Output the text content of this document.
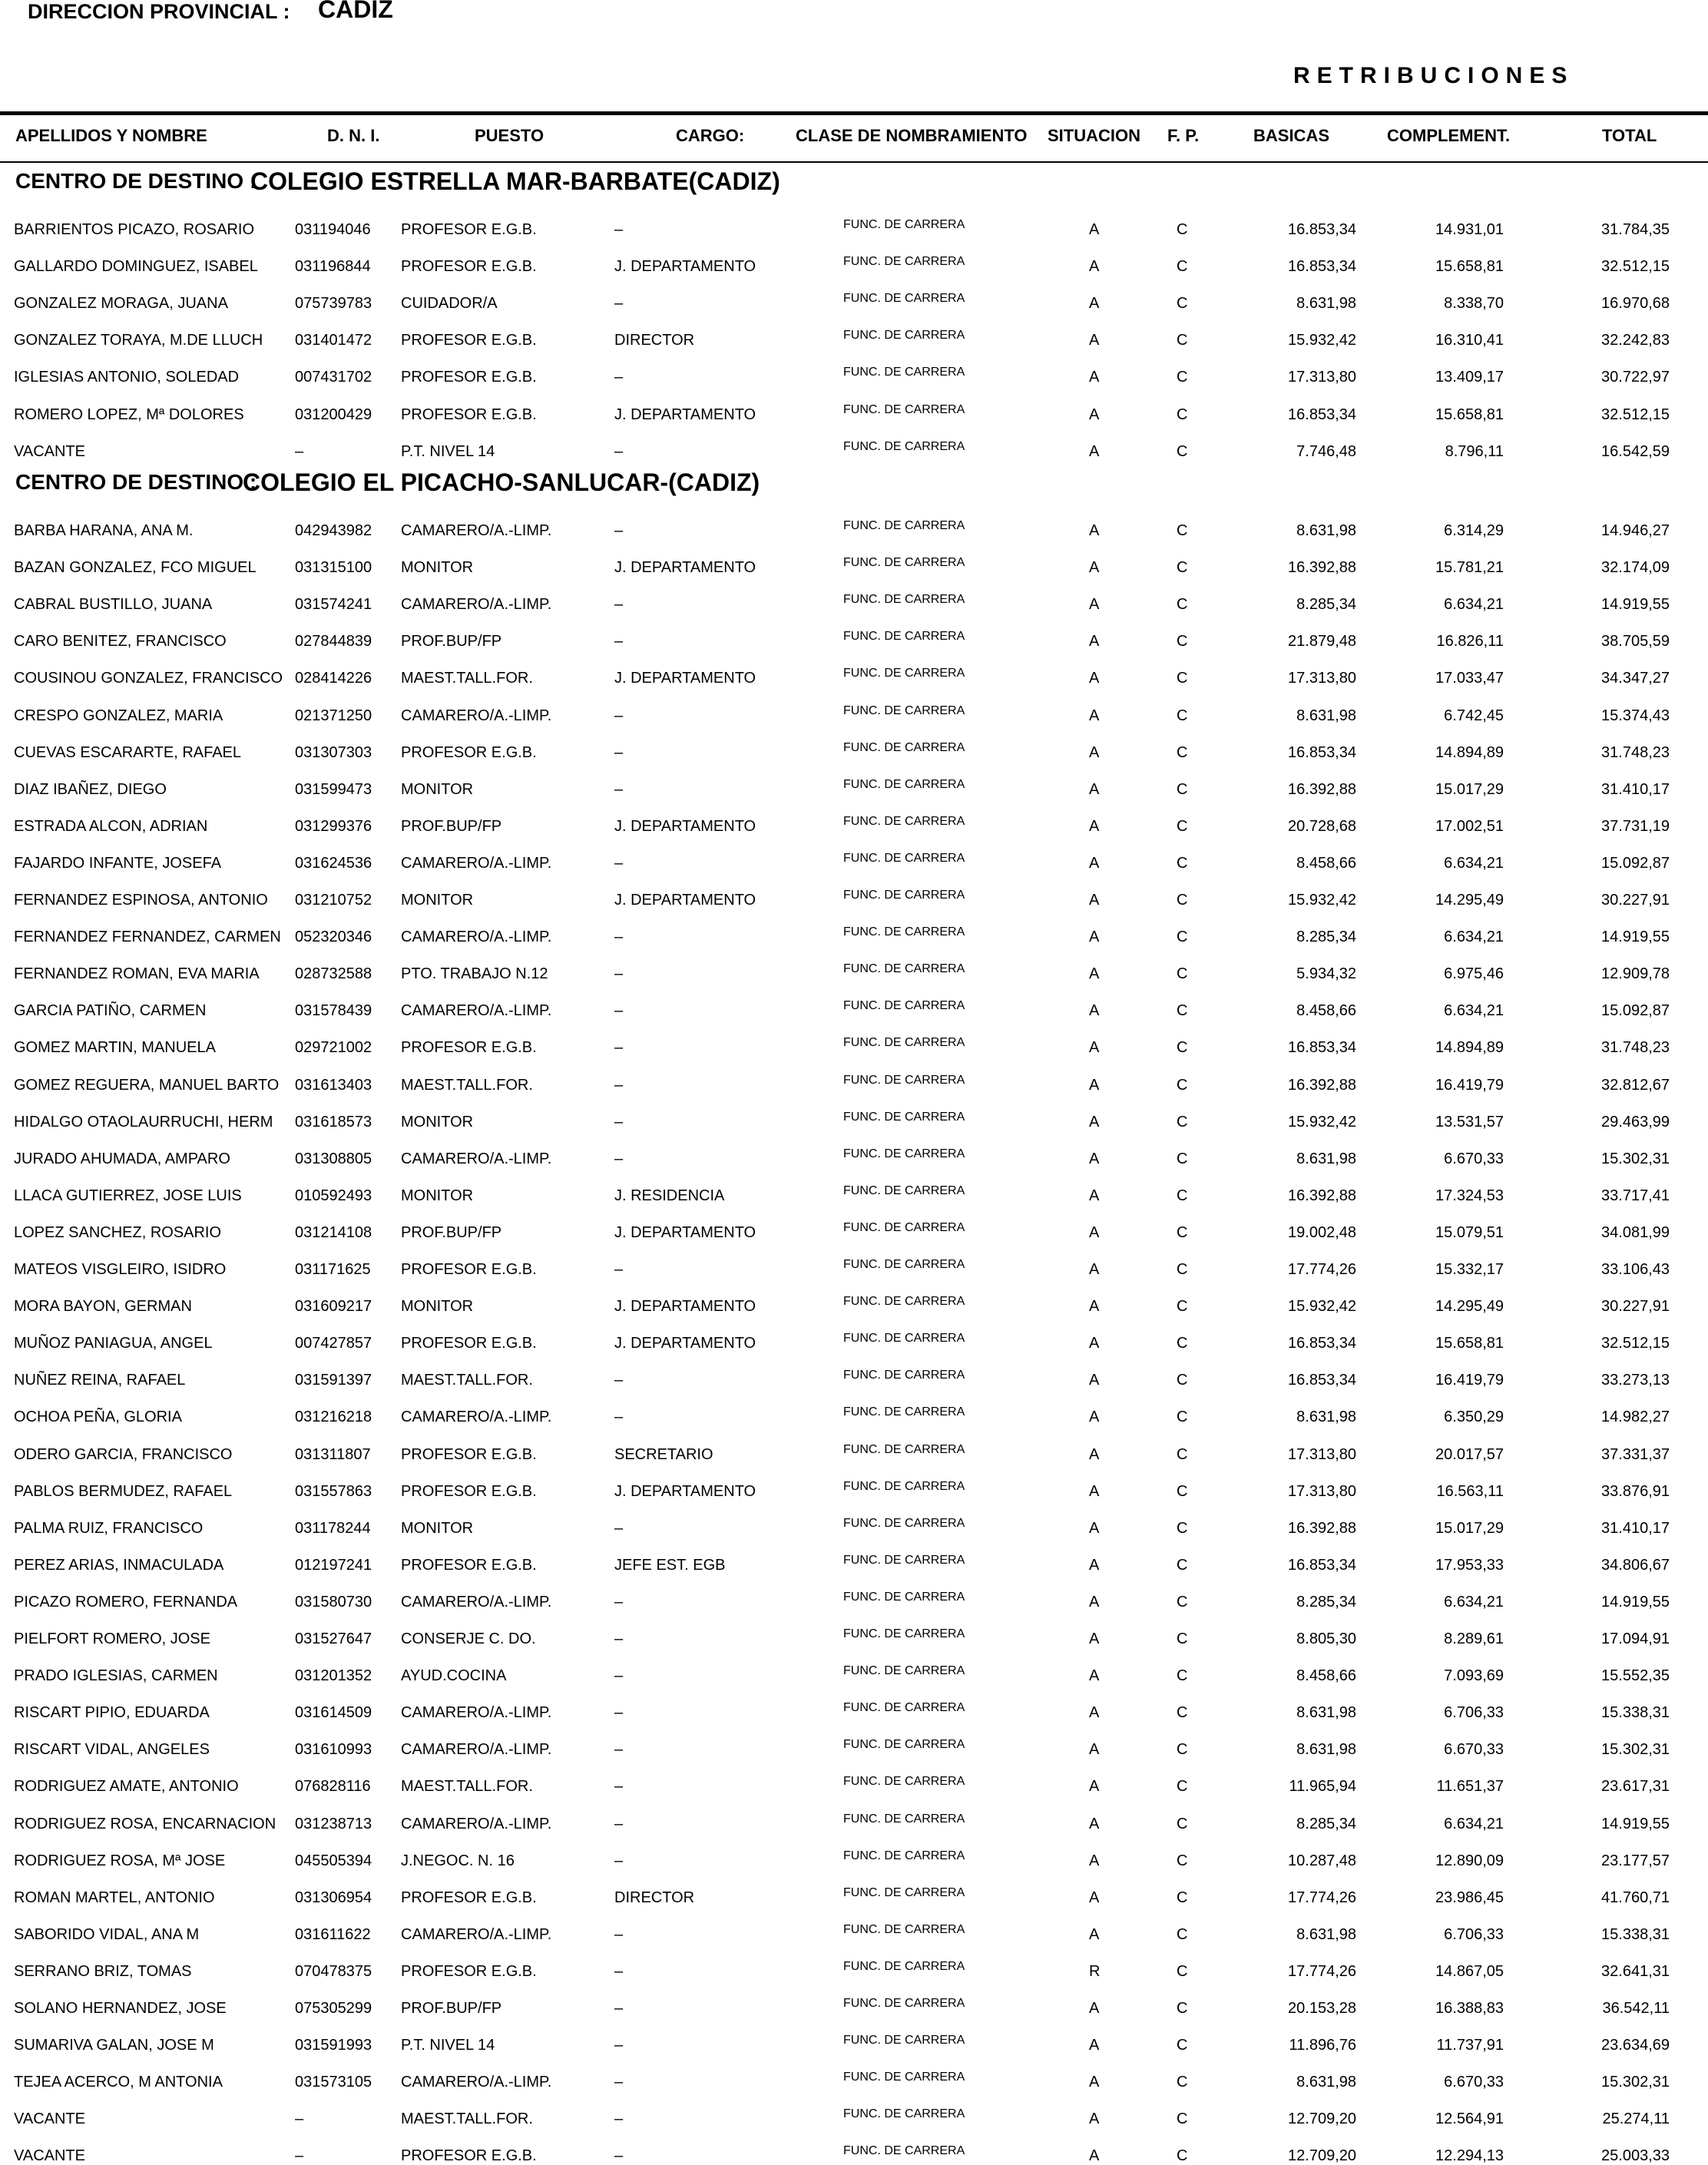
DIRECCION PROVINCIAL : CADIZ
RETRIBUCIONES
APELLIDOS Y NOMBRE	D. N. I.	PUESTO	CARGO:	CLASE DE NOMBRAMIENTO SITUACION F. P.	BASICAS	COMPLEMENT.	TOTAL
CENTRO DE DESTINO :
COLEGIO ESTRELLA MAR-BARBATE(CADIZ)
BARRIENTOS PICAZO, ROSARIO	031194046 PROFESOR E.G.B.	–	FUNC. DE CARRERA	A	C	16.853,34	14.931,01	31.784,35
GALLARDO DOMINGUEZ, ISABEL 031196844 PROFESOR E.G.B.	J. DEPARTAMENTO	FUNC. DE CARRERA	A	C	16.853,34	15.658,81	32.512,15
GONZALEZ MORAGA, JUANA	075739783 CUIDADOR/A	–	FUNC. DE CARRERA	A	C	8.631,98	8.338,70	16.970,68
GONZALEZ TORAYA, M.DE LLUCH 031401472 PROFESOR E.G.B.	DIRECTOR	FUNC. DE CARRERA	A	C	15.932,42	16.310,41	32.242,83
IGLESIAS ANTONIO, SOLEDAD	007431702 PROFESOR E.G.B.	–	FUNC. DE CARRERA	A	C	17.313,80	13.409,17	30.722,97
ROMERO LOPEZ, Mª DOLORES	031200429 PROFESOR E.G.B.	J. DEPARTAMENTO	FUNC. DE CARRERA	A	C	16.853,34	15.658,81	32.512,15
VACANTE	–	P.T. NIVEL 14	–	FUNC. DE CARRERA	A	C	7.746,48	8.796,11	16.542,59
CENTRO DE DESTINO :
COLEGIO EL PICACHO-SANLUCAR-(CADIZ)
BARBA HARANA, ANA M.	042943982 CAMARERO/A.-LIMP.	–	FUNC. DE CARRERA	A	C	8.631,98	6.314,29	14.946,27
BAZAN GONZALEZ, FCO MIGUEL	031315100 MONITOR	J. DEPARTAMENTO	FUNC. DE CARRERA	A	C	16.392,88	15.781,21	32.174,09
CABRAL BUSTILLO, JUANA	031574241 CAMARERO/A.-LIMP.	–	FUNC. DE CARRERA	A	C	8.285,34	6.634,21	14.919,55
CARO BENITEZ, FRANCISCO	027844839 PROF.BUP/FP	–	FUNC. DE CARRERA	A	C	21.879,48	16.826,11	38.705,59
COUSINOU GONZALEZ, FRANCISCO 028414226 MAEST.TALL.FOR.	J. DEPARTAMENTO	FUNC. DE CARRERA	A	C	17.313,80	17.033,47	34.347,27
CRESPO GONZALEZ, MARIA	021371250 CAMARERO/A.-LIMP.	–	FUNC. DE CARRERA	A	C	8.631,98	6.742,45	15.374,43
CUEVAS ESCARARTE, RAFAEL	031307303 PROFESOR E.G.B.	–	FUNC. DE CARRERA	A	C	16.853,34	14.894,89	31.748,23
DIAZ IBAÑEZ, DIEGO	031599473 MONITOR	–	FUNC. DE CARRERA	A	C	16.392,88	15.017,29	31.410,17
ESTRADA ALCON, ADRIAN	031299376 PROF.BUP/FP	J. DEPARTAMENTO	FUNC. DE CARRERA	A	C	20.728,68	17.002,51	37.731,19
FAJARDO INFANTE, JOSEFA	031624536 CAMARERO/A.-LIMP.	–	FUNC. DE CARRERA	A	C	8.458,66	6.634,21	15.092,87
FERNANDEZ ESPINOSA, ANTONIO 031210752 MONITOR	J. DEPARTAMENTO	FUNC. DE CARRERA	A	C	15.932,42	14.295,49	30.227,91
FERNANDEZ FERNANDEZ, CARMEN 052320346 CAMARERO/A.-LIMP.	–	FUNC. DE CARRERA	A	C	8.285,34	6.634,21	14.919,55
FERNANDEZ ROMAN, EVA MARIA 028732588 PTO. TRABAJO N.12	–	FUNC. DE CARRERA	A	C	5.934,32	6.975,46	12.909,78
GARCIA PATIÑO, CARMEN	031578439 CAMARERO/A.-LIMP.	–	FUNC. DE CARRERA	A	C	8.458,66	6.634,21	15.092,87
GOMEZ MARTIN, MANUELA	029721002 PROFESOR E.G.B.	–	FUNC. DE CARRERA	A	C	16.853,34	14.894,89	31.748,23
GOMEZ REGUERA, MANUEL BARTO 031613403 MAEST.TALL.FOR.	–	FUNC. DE CARRERA	A	C	16.392,88	16.419,79	32.812,67
HIDALGO OTAOLAURRUCHI, HERM 031618573 MONITOR	–	FUNC. DE CARRERA	A	C	15.932,42	13.531,57	29.463,99
JURADO AHUMADA, AMPARO	031308805 CAMARERO/A.-LIMP.	–	FUNC. DE CARRERA	A	C	8.631,98	6.670,33	15.302,31
LLACA GUTIERREZ, JOSE LUIS	010592493 MONITOR	J. RESIDENCIA	FUNC. DE CARRERA	A	C	16.392,88	17.324,53	33.717,41
LOPEZ SANCHEZ, ROSARIO	031214108 PROF.BUP/FP	J. DEPARTAMENTO	FUNC. DE CARRERA	A	C	19.002,48	15.079,51	34.081,99
MATEOS VISGLEIRO, ISIDRO	031171625 PROFESOR E.G.B.	–	FUNC. DE CARRERA	A	C	17.774,26	15.332,17	33.106,43
MORA BAYON, GERMAN	031609217 MONITOR	J. DEPARTAMENTO	FUNC. DE CARRERA	A	C	15.932,42	14.295,49	30.227,91
MUÑOZ PANIAGUA, ANGEL	007427857 PROFESOR E.G.B.	J. DEPARTAMENTO	FUNC. DE CARRERA	A	C	16.853,34	15.658,81	32.512,15
NUÑEZ REINA, RAFAEL	031591397 MAEST.TALL.FOR.	–	FUNC. DE CARRERA	A	C	16.853,34	16.419,79	33.273,13
OCHOA PEÑA, GLORIA	031216218 CAMARERO/A.-LIMP.	–	FUNC. DE CARRERA	A	C	8.631,98	6.350,29	14.982,27
ODERO GARCIA, FRANCISCO	031311807 PROFESOR E.G.B.	SECRETARIO	FUNC. DE CARRERA	A	C	17.313,80	20.017,57	37.331,37
PABLOS BERMUDEZ, RAFAEL	031557863 PROFESOR E.G.B.	J. DEPARTAMENTO	FUNC. DE CARRERA	A	C	17.313,80	16.563,11	33.876,91
PALMA RUIZ, FRANCISCO	031178244 MONITOR	–	FUNC. DE CARRERA	A	C	16.392,88	15.017,29	31.410,17
PEREZ ARIAS, INMACULADA	012197241 PROFESOR E.G.B.	JEFE EST. EGB	FUNC. DE CARRERA	A	C	16.853,34	17.953,33	34.806,67
PICAZO ROMERO, FERNANDA	031580730 CAMARERO/A.-LIMP.	–	FUNC. DE CARRERA	A	C	8.285,34	6.634,21	14.919,55
PIELFORT ROMERO, JOSE	031527647 CONSERJE C. DO.	–	FUNC. DE CARRERA	A	C	8.805,30	8.289,61	17.094,91
PRADO IGLESIAS, CARMEN	031201352 AYUD.COCINA	–	FUNC. DE CARRERA	A	C	8.458,66	7.093,69	15.552,35
RISCART PIPIO, EDUARDA	031614509 CAMARERO/A.-LIMP.	–	FUNC. DE CARRERA	A	C	8.631,98	6.706,33	15.338,31
RISCART VIDAL, ANGELES	031610993 CAMARERO/A.-LIMP.	–	FUNC. DE CARRERA	A	C	8.631,98	6.670,33	15.302,31
RODRIGUEZ AMATE, ANTONIO	076828116 MAEST.TALL.FOR.	–	FUNC. DE CARRERA	A	C	11.965,94	11.651,37	23.617,31
RODRIGUEZ ROSA, ENCARNACION 031238713 CAMARERO/A.-LIMP.	–	FUNC. DE CARRERA	A	C	8.285,34	6.634,21	14.919,55
RODRIGUEZ ROSA, Mª JOSE	045505394 J.NEGOC. N. 16	–	FUNC. DE CARRERA	A	C	10.287,48	12.890,09	23.177,57
ROMAN MARTEL, ANTONIO	031306954 PROFESOR E.G.B.	DIRECTOR	FUNC. DE CARRERA	A	C	17.774,26	23.986,45	41.760,71
SABORIDO VIDAL, ANA M	031611622 CAMARERO/A.-LIMP.	–	FUNC. DE CARRERA	A	C	8.631,98	6.706,33	15.338,31
SERRANO BRIZ, TOMAS	070478375 PROFESOR E.G.B.	–	FUNC. DE CARRERA	R	C	17.774,26	14.867,05	32.641,31
SOLANO HERNANDEZ, JOSE	075305299 PROF.BUP/FP	–	FUNC. DE CARRERA	A	C	20.153,28	16.388,83	36.542,11
SUMARIVA GALAN, JOSE M	031591993 P.T. NIVEL 14	–	FUNC. DE CARRERA	A	C	11.896,76	11.737,91	23.634,69
TEJEA ACERCO, M ANTONIA	031573105 CAMARERO/A.-LIMP.	–	FUNC. DE CARRERA	A	C	8.631,98	6.670,33	15.302,31
VACANTE	–	MAEST.TALL.FOR.	–	FUNC. DE CARRERA	A	C	12.709,20	12.564,91	25.274,11
VACANTE	–	PROFESOR E.G.B.	–	FUNC. DE CARRERA	A	C	12.709,20	12.294,13	25.003,33
